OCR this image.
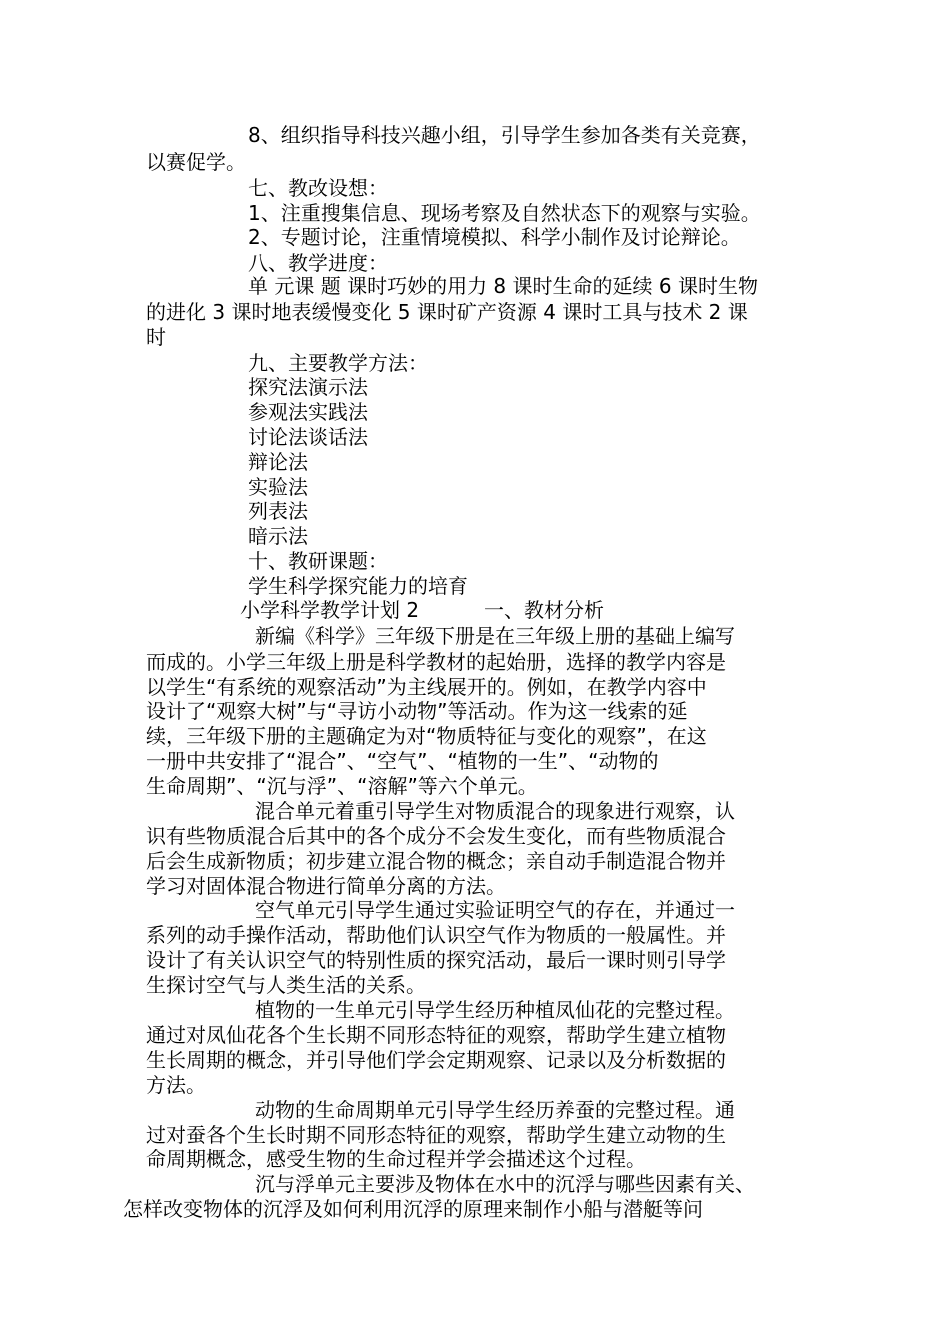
8、组织指导科技兴趣小组，引导学生参加各类有关竞赛，
以赛促学。
七、教改设想：
1、注重搜集信息、现场考察及自然状态下的观察与实验。
2、专题讨论，注重情境模拟、科学小制作及讨论辩论。
八、教学进度：
单 元课 题 课时巧妙的用力 8 课时生命的延续 6 课时生物
的进化 3 课时地表缓慢变化 5 课时矿产资源 4 课时工具与技术 2 课
时
九、主要教学方法：
探究法演示法
参观法实践法
讨论法谈话法
辩论法
实验法
列表法
暗示法
十、教研课题：
学生科学探究能力的培育
小学科学教学计划 2	一、教材分析
新编《科学》三年级下册是在三年级上册的基础上编写
而成的。小学三年级上册是科学教材的起始册，选择的教学内容是
以学生“有系统的观察活动”为主线展开的。例如，在教学内容中
设计了“观察大树”与“寻访小动物”等活动。作为这一线索的延
续，三年级下册的主题确定为对“物质特征与变化的观察”，在这
一册中共安排了“混合”、“空气”、“植物的一生”、“动物的
生命周期”、“沉与浮”、“溶解”等六个单元。
混合单元着重引导学生对物质混合的现象进行观察，认
识有些物质混合后其中的各个成分不会发生变化，而有些物质混合
后会生成新物质；初步建立混合物的概念；亲自动手制造混合物并
学习对固体混合物进行简单分离的方法。
空气单元引导学生通过实验证明空气的存在，并通过一
系列的动手操作活动，帮助他们认识空气作为物质的一般属性。并
设计了有关认识空气的特别性质的探究活动，最后一课时则引导学
生探讨空气与人类生活的关系。
植物的一生单元引导学生经历种植凤仙花的完整过程。
通过对凤仙花各个生长期不同形态特征的观察，帮助学生建立植物
生长周期的概念，并引导他们学会定期观察、记录以及分析数据的
方法。
动物的生命周期单元引导学生经历养蚕的完整过程。通
过对蚕各个生长时期不同形态特征的观察，帮助学生建立动物的生
命周期概念，感受生物的生命过程并学会描述这个过程。
沉与浮单元主要涉及物体在水中的沉浮与哪些因素有关、
怎样改变物体的沉浮及如何利用沉浮的原理来制作小船与潜艇等问
